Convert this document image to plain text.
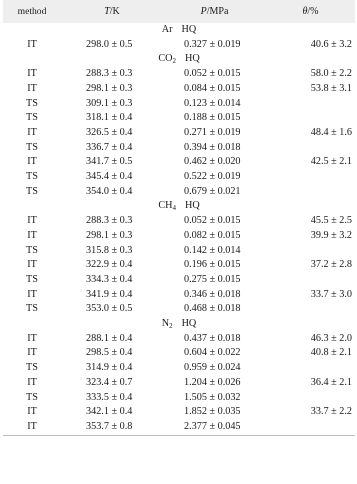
method	T/K	P/MPa	θ/%
Ar HQ			
IT	298.0 ± 0.5	0.327 ± 0.019	40.6 ± 3.2
$CO_2$ HQ			
IT	288.3 ± 0.3	0.052 ± 0.015	58.0 ± 2.2
IT	298.1 ± 0.3	0.084 ± 0.015	53.8 ± 3.1
TS	309.1 ± 0.3	0.123 ± 0.014	
TS	318.1 ± 0.4	0.188 ± 0.015	
IT	326.5 ± 0.4	0.271 ± 0.019	48.4 ± 1.6
TS	336.7 ± 0.4	0.394 ± 0.018	
IT	341.7 ± 0.5	0.462 ± 0.020	42.5 ± 2.1
TS	345.4 ± 0.4	0.522 ± 0.019	
TS	354.0 ± 0.4	0.679 ± 0.021	
$CH_4$ HQ			
IT	288.3 ± 0.3	0.052 ± 0.015	45.5 ± 2.5
IT	298.1 ± 0.3	0.082 ± 0.015	39.9 ± 3.2
TS	315.8 ± 0.3	0.142 ± 0.014	
IT	322.9 ± 0.4	0.196 ± 0.015	37.2 ± 2.8
TS	334.3 ± 0.4	0.275 ± 0.015	
IT	341.9 ± 0.4	0.346 ± 0.018	33.7 ± 3.0
TS	353.0 ± 0.5	0.468 ± 0.018	
$N_2$ HQ			
IT	288.1 ± 0.4	0.437 ± 0.018	46.3 ± 2.0
IT	298.5 ± 0.4	0.604 ± 0.022	40.8 ± 2.1
TS	314.9 ± 0.4	0.959 ± 0.024	
IT	323.4 ± 0.7	1.204 ± 0.026	36.4 ± 2.1
TS	333.5 ± 0.4	1.505 ± 0.032	
IT	342.1 ± 0.4	1.852 ± 0.035	33.7 ± 2.2
IT	353.7 ± 0.8	2.377 ± 0.045	
